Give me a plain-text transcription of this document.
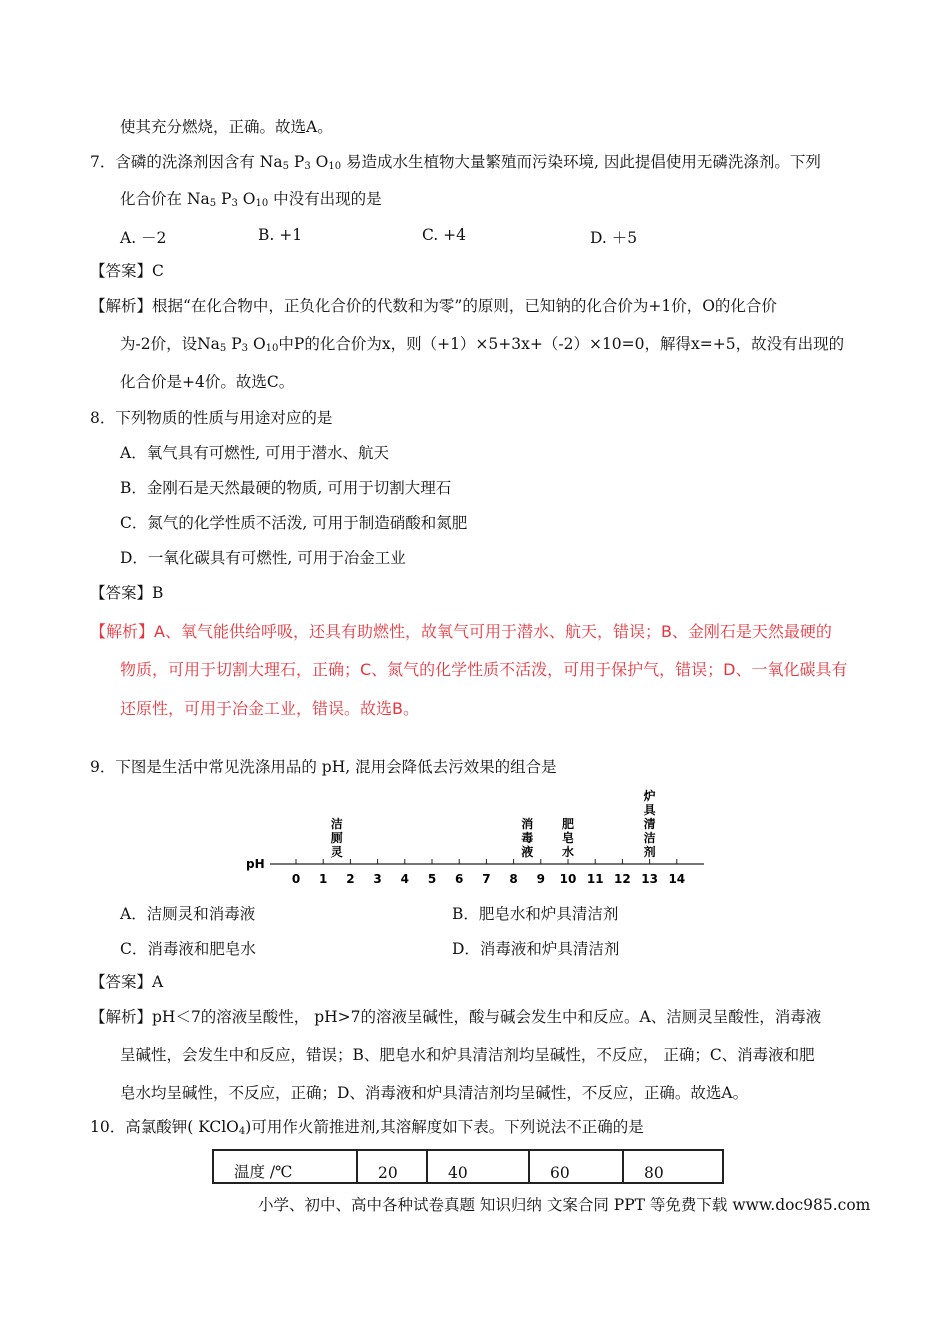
使其充分燃烧，正确。故选A。
7．含磷的洗涤剂因含有 $Na_5$ $P_3$ $O_{10}$ 易造成水生植物大量繁殖而污染环境, 因此提倡使用无磷洗涤剂。下列
化合价在 $Na_5$ $P_3$ $O_{10}$ 中没有出现的是
A. －2	B. +1	C. +4	D. ＋5
【答案】C
【解析】根据“在化合物中，正负化合价的代数和为零”的原则，已知钠的化合价为+1价，O的化合价
为-2价，设$Na_5$ $P_3$ $O_{10}$中P的化合价为x，则（+1）×5+3x+（-2）×10=0，解得x=+5，故没有出现的
化合价是+4价。故选C。
8．下列物质的性质与用途对应的是
A．氧气具有可燃性, 可用于潜水、航天
B．金刚石是天然最硬的物质, 可用于切割大理石
C．氮气的化学性质不活泼, 可用于制造硝酸和氮肥
D．一氧化碳具有可燃性, 可用于冶金工业
【答案】B
【解析】A、氧气能供给呼吸，还具有助燃性，故氧气可用于潜水、航天，错误；B、金刚石是天然最硬的
物质，可用于切割大理石，正确；C、氮气的化学性质不活泼，可用于保护气，错误；D、一氧化碳具有
还原性，可用于冶金工业，错误。故选B。
9．下图是生活中常见洗涤用品的 pH, 混用会降低去污效果的组合是
pH
0 1 2 3 4 5 6 7 8 9 10 11 12 13 14
洁
厕
灵
消
毒
液
肥
皂
水
炉
具
清
洁
剂
A．洁厕灵和消毒液	B．肥皂水和炉具清洁剂
C．消毒液和肥皂水	D．消毒液和炉具清洁剂
【答案】A
【解析】pH＜7的溶液呈酸性， pH>7的溶液呈碱性，酸与碱会发生中和反应。A、洁厕灵呈酸性，消毒液
呈碱性，会发生中和反应，错误；B、肥皂水和炉具清洁剂均呈碱性，不反应， 正确；C、消毒液和肥
皂水均呈碱性，不反应，正确；D、消毒液和炉具清洁剂均呈碱性，不反应，正确。故选A。
10．高氯酸钾( KClO$_4$)可用作火箭推进剂,其溶解度如下表。下列说法不正确的是
温度 /℃	20	40	60	80
小学、初中、高中各种试卷真题 知识归纳 文案合同 PPT 等免费下载 www.doc985.com
